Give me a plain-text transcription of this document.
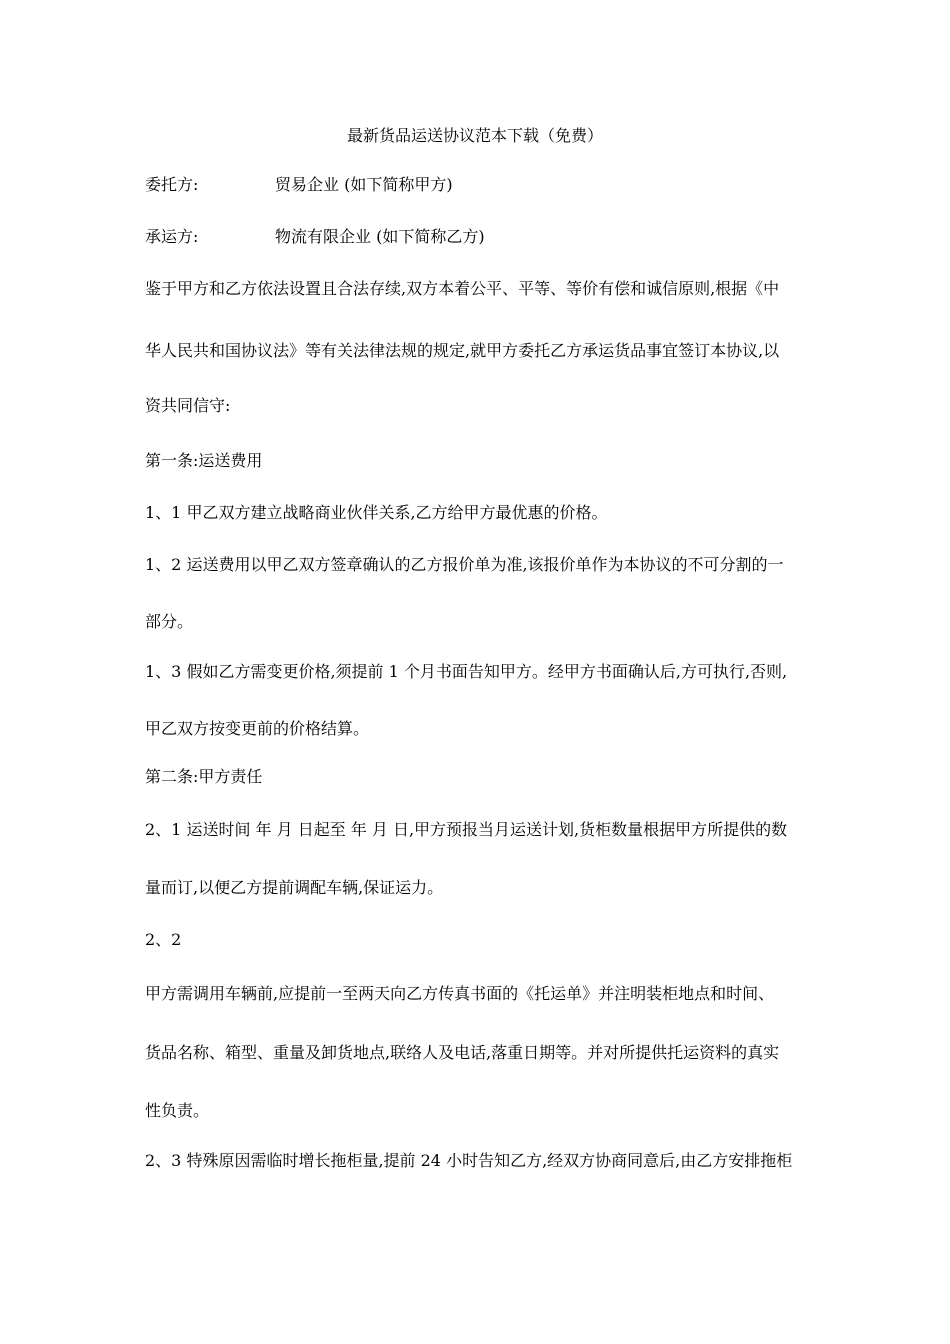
最新货品运送协议范本下载（免费）
委托方:	贸易企业 (如下简称甲方)
承运方:	物流有限企业 (如下简称乙方)
鉴于甲方和乙方依法设置且合法存续,双方本着公平、平等、等价有偿和诚信原则,根据《中
华人民共和国协议法》等有关法律法规的规定,就甲方委托乙方承运货品事宜签订本协议,以
资共同信守:
第一条:运送费用
1、1 甲乙双方建立战略商业伙伴关系,乙方给甲方最优惠的价格。
1、2 运送费用以甲乙双方签章确认的乙方报价单为准,该报价单作为本协议的不可分割的一
部分。
1、3 假如乙方需变更价格,须提前 1 个月书面告知甲方。经甲方书面确认后,方可执行,否则,
甲乙双方按变更前的价格结算。
第二条:甲方责任
2、1 运送时间 年 月 日起至 年 月 日,甲方预报当月运送计划,货柜数量根据甲方所提供的数
量而订,以便乙方提前调配车辆,保证运力。
2、2
甲方需调用车辆前,应提前一至两天向乙方传真书面的《托运单》并注明装柜地点和时间、
货品名称、箱型、重量及卸货地点,联络人及电话,落重日期等。并对所提供托运资料的真实
性负责。
2、3 特殊原因需临时增长拖柜量,提前 24 小时告知乙方,经双方协商同意后,由乙方安排拖柜
